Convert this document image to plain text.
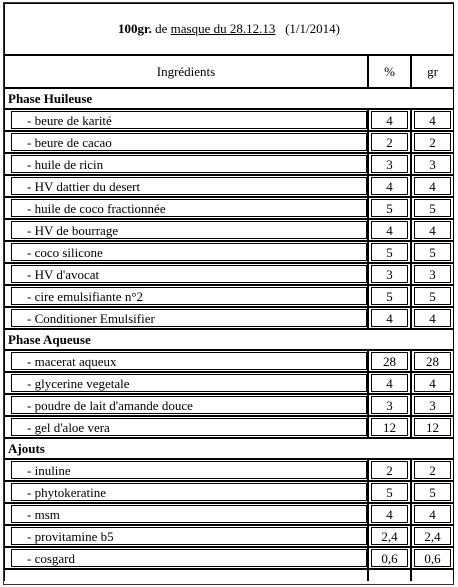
100gr. de masque du 28.12.13 (1/1/2014)		
Ingrédients	%	gr
Phase Huileuse		

- beure de karité	4	4

- beure de cacao	2	2

- huile de ricin	3	3

- HV dattier du desert	4	4

- huile de coco fractionnée	5	5

- HV de bourrage	4	4

- coco silicone	5	5

- HV d'avocat	3	3

- cire emulsifiante n°2	5	5

- Conditioner Emulsifier	4	4

Phase Aqueuse		

- macerat aqueux	28	28

- glycerine vegetale	4	4

- poudre de lait d'amande douce	3	3

- gel d'aloe vera	12	12

Ajouts		

- inuline	2	2

- phytokeratine	5	5

- msm	4	4

- provitamine b5	2,4	2,4

- cosgard	0,6	0,6
